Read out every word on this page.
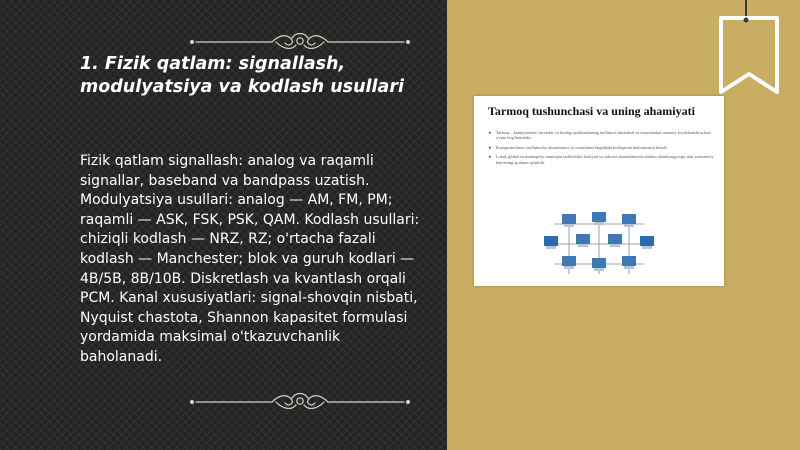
1. Fizik qatlam: signallash, modulyatsiya va kodlash usullari

Fizik qatlam signallash: analog va raqamli signallar, baseband va bandpass uzatish. Modulyatsiya usullari: analog — AM, FM, PM; raqamli — ASK, FSK, PSK, QAM. Kodlash usullari: chiziqli kodlash — NRZ, RZ; o'rtacha fazali kodlash — Manchester; blok va guruh kodlari — 4B/5B, 8B/10B. Diskretlash va kvantlash orqali PCM. Kanal xususiyatlari: signal-shovqin nisbati, Nyquist chastota, Shannon kapasitet formulasi yordamida maksimal o'tkazuvchanlik baholanadi.

Tarmoq tushunchasi va uning ahamiyati
• Tarmoq – kompyuterlar, serverlar va boshqa qurilmalarning ma'lumot almashish va resurslardan umumiy foydalanishi uchun o'zaro bog'lanishidir.
• Kompyuterlararo ma'lumotlar almashinuvi va resurslarni birgalikda boshqarish imkoniyatini beradi.
• Lokal, global va mintaqaviy tarmoqlar tashkilotlar faoliyati va axborot almashinuvida muhim ahamiyatga ega; ular zamonaviy hayotning ajralmas qismidir.
